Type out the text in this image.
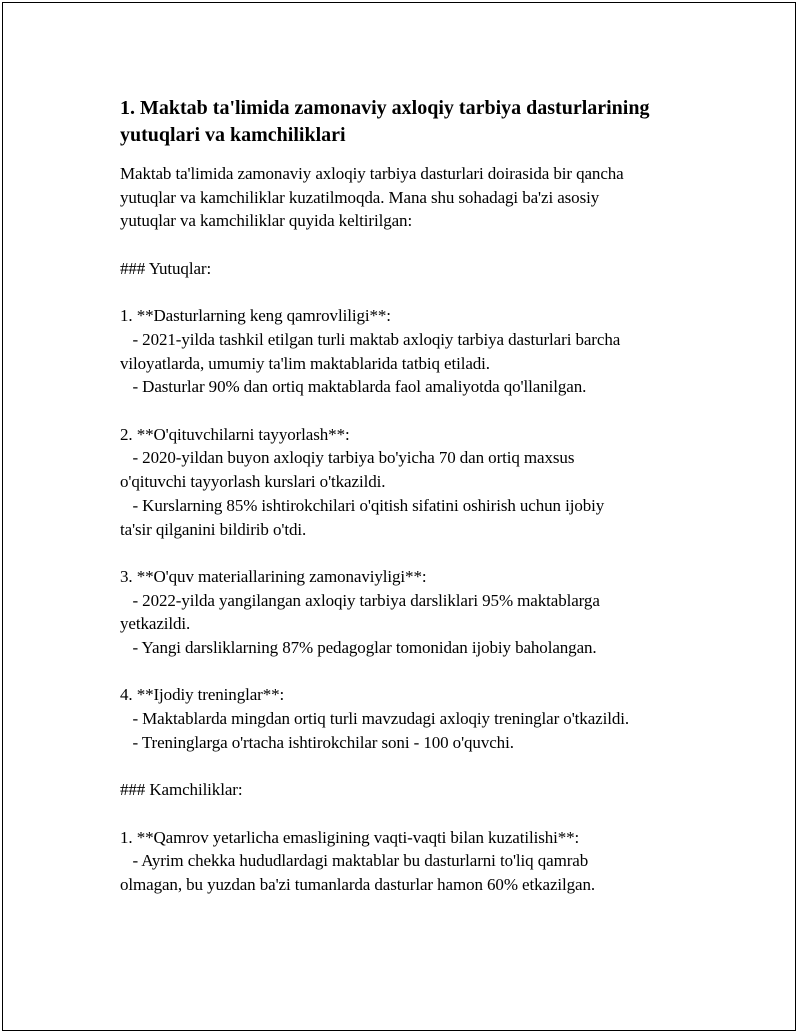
1. Maktab ta'limida zamonaviy axloqiy tarbiya dasturlarining yutuqlari va kamchiliklari
Maktab ta'limida zamonaviy axloqiy tarbiya dasturlari doirasida bir qancha
yutuqlar va kamchiliklar kuzatilmoqda. Mana shu sohadagi ba'zi asosiy
yutuqlar va kamchiliklar quyida keltirilgan:
### Yutuqlar:
1. **Dasturlarning keng qamrovliligi**:
- 2021-yilda tashkil etilgan turli maktab axloqiy tarbiya dasturlari barcha
viloyatlarda, umumiy ta'lim maktablarida tatbiq etiladi.
- Dasturlar 90% dan ortiq maktablarda faol amaliyotda qo'llanilgan.
2. **O'qituvchilarni tayyorlash**:
- 2020-yildan buyon axloqiy tarbiya bo'yicha 70 dan ortiq maxsus
o'qituvchi tayyorlash kurslari o'tkazildi.
- Kurslarning 85% ishtirokchilari o'qitish sifatini oshirish uchun ijobiy
ta'sir qilganini bildirib o'tdi.
3. **O'quv materiallarining zamonaviyligi**:
- 2022-yilda yangilangan axloqiy tarbiya darsliklari 95% maktablarga
yetkazildi.
- Yangi darsliklarning 87% pedagoglar tomonidan ijobiy baholangan.
4. **Ijodiy treninglar**:
- Maktablarda mingdan ortiq turli mavzudagi axloqiy treninglar o'tkazildi.
- Treninglarga o'rtacha ishtirokchilar soni - 100 o'quvchi.
### Kamchiliklar:
1. **Qamrov yetarlicha emasligining vaqti-vaqti bilan kuzatilishi**:
- Ayrim chekka hududlardagi maktablar bu dasturlarni to'liq qamrab
olmagan, bu yuzdan ba'zi tumanlarda dasturlar hamon 60% etkazilgan.
